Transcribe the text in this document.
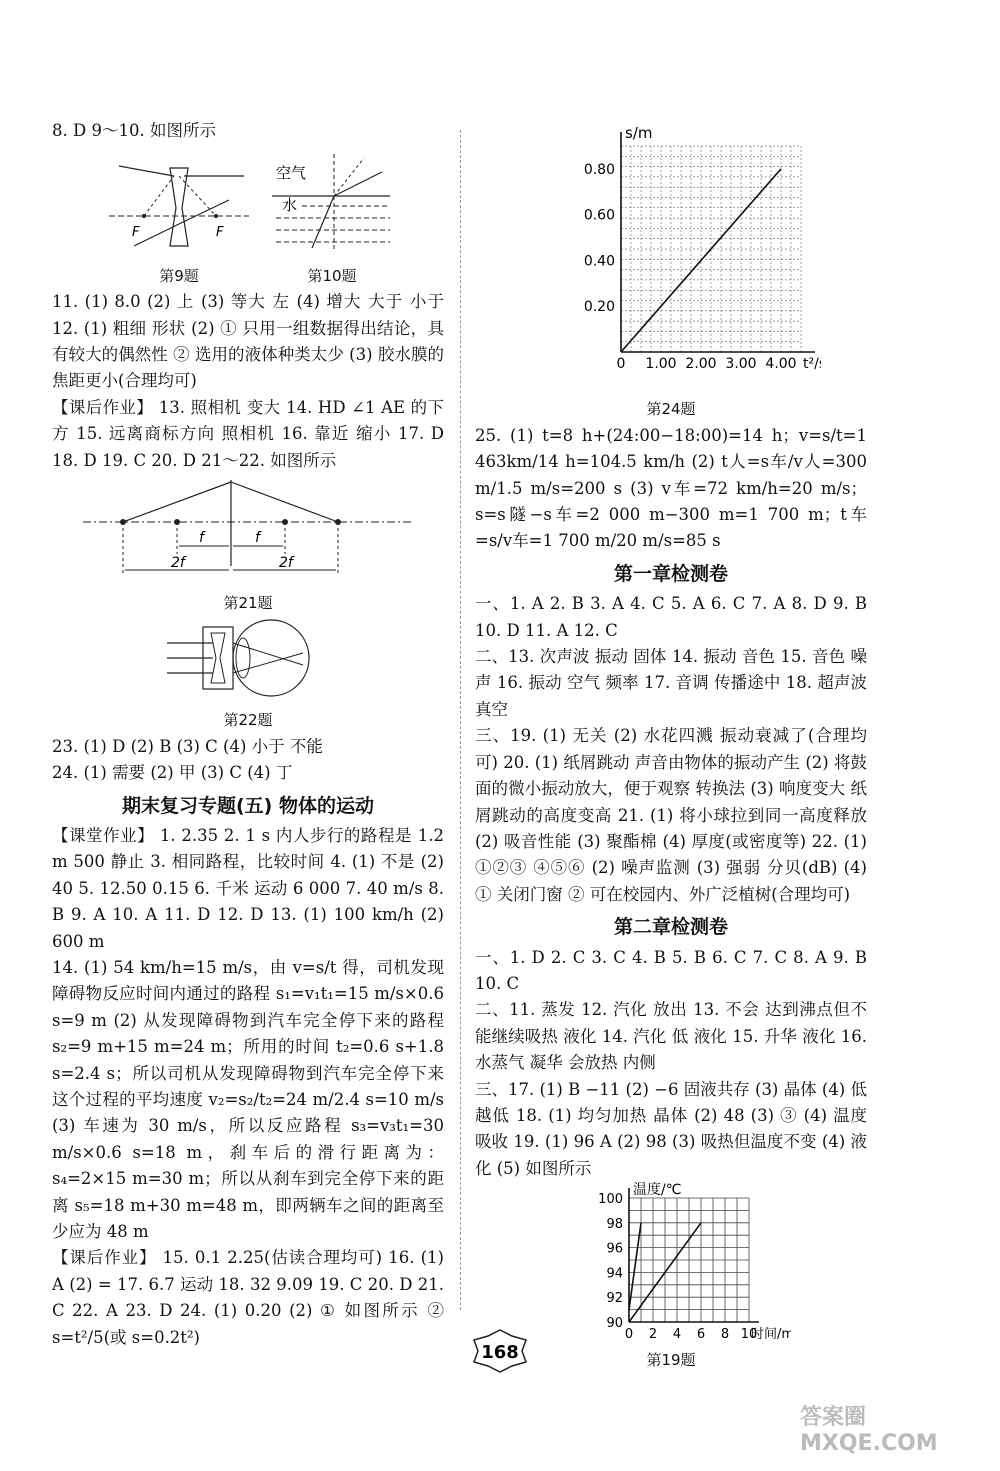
8. D 9～10. 如图所示

F	F
第9题
空气
水
第10题

11. (1) 8.0 (2) 上 (3) 等大 左 (4) 增大 大于 小于 12. (1) 粗细 形状 (2) ① 只用一组数据得出结论，具有较大的偶然性 ② 选用的液体种类太少 (3) 胶水膜的焦距更小(合理均可)

【课后作业】 13. 照相机 变大 14. HD ∠1 AE 的下方 15. 远离商标方向 照相机 16. 靠近 缩小 17. D 18. D 19. C 20. D 21～22. 如图所示

f	f
2f	2f
第21题
第22题

23. (1) D (2) B (3) C (4) 小于 不能

24. (1) 需要 (2) 甲 (3) C (4) 丁

期末复习专题(五) 物体的运动

【课堂作业】 1. 2.35 2. 1 s 内人步行的路程是 1.2 m 500 静止 3. 相同路程，比较时间 4. (1) 不是 (2) 40 5. 12.50 0.15 6. 千米 运动 6 000 7. 40 m/s 8. B 9. A 10. A 11. D 12. D 13. (1) 100 km/h (2) 600 m

14. (1) 54 km/h=15 m/s，由 v=s/t 得，司机发现障碍物反应时间内通过的路程 s₁=v₁t₁=15 m/s×0.6 s=9 m (2) 从发现障碍物到汽车完全停下来的路程 s₂=9 m+15 m=24 m；所用的时间 t₂=0.6 s+1.8 s=2.4 s；所以司机从发现障碍物到汽车完全停下来这个过程的平均速度 v₂=s₂/t₂=24 m/2.4 s=10 m/s (3) 车速为 30 m/s，所以反应路程 s₃=v₃t₁=30 m/s×0.6 s=18 m，刹车后的滑行距离为：s₄=2×15 m=30 m；所以从刹车到完全停下来的距离 s₅=18 m+30 m=48 m，即两辆车之间的距离至少应为 48 m

【课后作业】 15. 0.1 2.25(估读合理均可) 16. (1) A (2) = 17. 6.7 运动 18. 32 9.09 19. C 20. D 21. C 22. A 23. D 24. (1) 0.20 (2) ① 如图所示 ② s=t²/5(或 s=0.2t²)

0 1.00 2.00 3.00 4.00
0.20
0.40
0.60
0.80
s/m
t²/
第24题

25. (1) t=8 h+(24:00−18:00)=14 h；v=s/t=1 463km/14 h=104.5 km/h (2) t人=s车/v人=300 m/1.5 m/s=200 s (3) v车=72 km/h=20 m/s；s=s隧−s车=2 000 m−300 m=1 700 m；t车=s/v车=1 700 m/20 m/s=85 s

第一章检测卷

一、1. A 2. B 3. A 4. C 5. A 6. C 7. A 8. D 9. B 10. D 11. A 12. C

二、13. 次声波 振动 固体 14. 振动 音色 15. 音色 噪声 16. 振动 空气 频率 17. 音调 传播途中 18. 超声波 真空

三、19. (1) 无关 (2) 水花四溅 振动衰减了(合理均可) 20. (1) 纸屑跳动 声音由物体的振动产生 (2) 将鼓面的微小振动放大，便于观察 转换法 (3) 响度变大 纸屑跳动的高度变高 21. (1) 将小球拉到同一高度释放 (2) 吸音性能 (3) 聚酯棉 (4) 厚度(或密度等) 22. (1) ①②③ ④⑤⑥ (2) 噪声监测 (3) 强弱 分贝(dB) (4) ① 关闭门窗 ② 可在校园内、外广泛植树(合理均可)

第二章检测卷

一、1. D 2. C 3. C 4. B 5. B 6. C 7. C 8. A 9. B 10. C

二、11. 蒸发 12. 汽化 放出 13. 不会 达到沸点但不能继续吸热 液化 14. 汽化 低 液化 15. 升华 液化 16. 水蒸气 凝华 会放热 内侧

三、17. (1) B −11 (2) −6 固液共存 (3) 晶体 (4) 低 越低 18. (1) 均匀加热 晶体 (2) 48 (3) ③ (4) 温度 吸收 19. (1) 96 A (2) 98 (3) 吸热但温度不变 (4) 液化 (5) 如图所示

0 2 4 6 8 10
90
92
94
96
98
100
温度/℃
时间/m
第19题
168
答案圈 MXQE.COM
